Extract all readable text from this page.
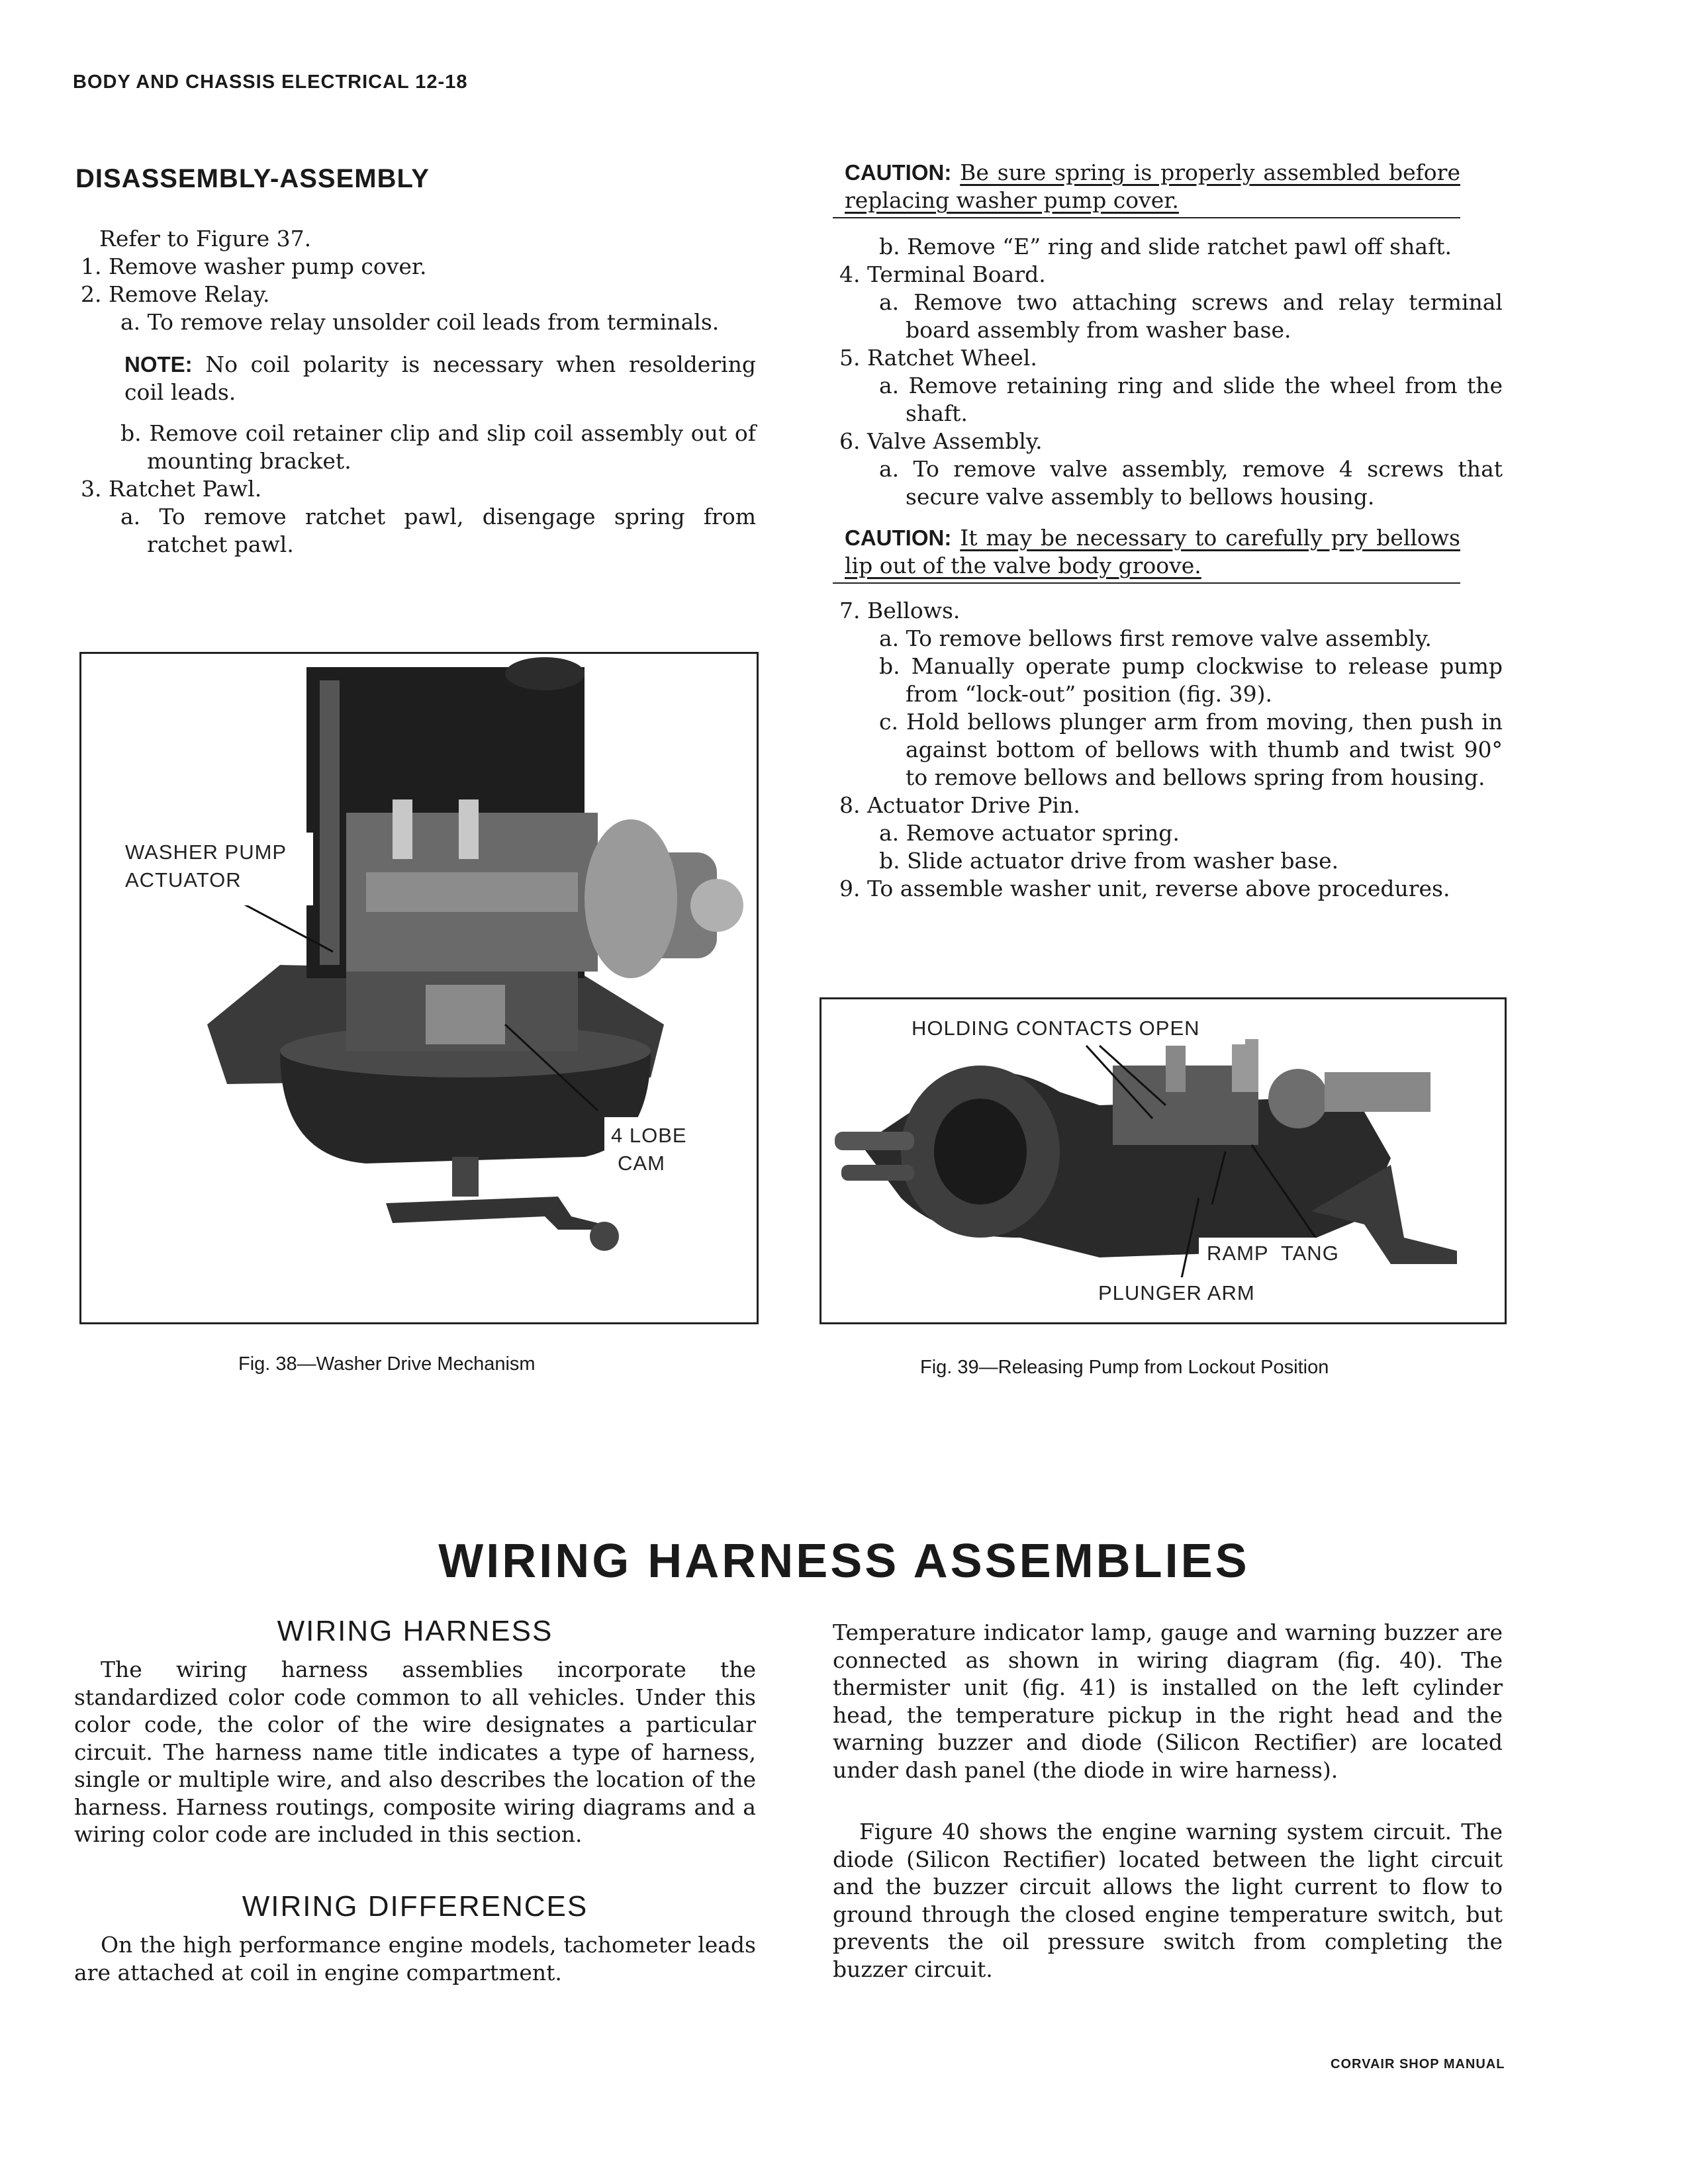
BODY AND CHASSIS ELECTRICAL 12-18
DISASSEMBLY-ASSEMBLY

Refer to Figure 37.

1. Remove washer pump cover.

2. Remove Relay.

a. To remove relay unsolder coil leads from terminals.

NOTE: No coil polarity is necessary when resoldering coil leads.

b. Remove coil retainer clip and slip coil assembly out of mounting bracket.

3. Ratchet Pawl.

a. To remove ratchet pawl, disengage spring from ratchet pawl.

CAUTION: Be sure spring is properly assembled before replacing washer pump cover.

b. Remove “E” ring and slide ratchet pawl off shaft.

4. Terminal Board.

a. Remove two attaching screws and relay terminal board assembly from washer base.

5. Ratchet Wheel.

a. Remove retaining ring and slide the wheel from the shaft.

6. Valve Assembly.

a. To remove valve assembly, remove 4 screws that secure valve assembly to bellows housing.

CAUTION: It may be necessary to carefully pry bellows lip out of the valve body groove.

7. Bellows.

a. To remove bellows first remove valve assembly.

b. Manually operate pump clockwise to release pump from “lock-out” position (fig. 39).

c. Hold bellows plunger arm from moving, then push in against bottom of bellows with thumb and twist 90° to remove bellows and bellows spring from housing.

8. Actuator Drive Pin.

a. Remove actuator spring.

b. Slide actuator drive from washer base.

9. To assemble washer unit, reverse above procedures.

WASHER PUMP
ACTUATOR
4 LOBE
CAM
Fig. 38—Washer Drive Mechanism
HOLDING CONTACTS OPEN
RAMP TANG
PLUNGER ARM
Fig. 39—Releasing Pump from Lockout Position
WIRING HARNESS ASSEMBLIES
WIRING HARNESS

The wiring harness assemblies incorporate the standardized color code common to all vehicles. Under this color code, the color of the wire designates a particular circuit. The harness name title indicates a type of harness, single or multiple wire, and also describes the location of the harness. Harness routings, composite wiring diagrams and a wiring color code are included in this section.

WIRING DIFFERENCES

On the high performance engine models, tachometer leads are attached at coil in engine compartment.

Temperature indicator lamp, gauge and warning buzzer are connected as shown in wiring diagram (fig. 40). The thermister unit (fig. 41) is installed on the left cylinder head, the temperature pickup in the right head and the warning buzzer and diode (Silicon Rectifier) are located under dash panel (the diode in wire harness).

Figure 40 shows the engine warning system circuit. The diode (Silicon Rectifier) located between the light circuit and the buzzer circuit allows the light current to flow to ground through the closed engine temperature switch, but prevents the oil pressure switch from completing the buzzer circuit.

CORVAIR SHOP MANUAL
